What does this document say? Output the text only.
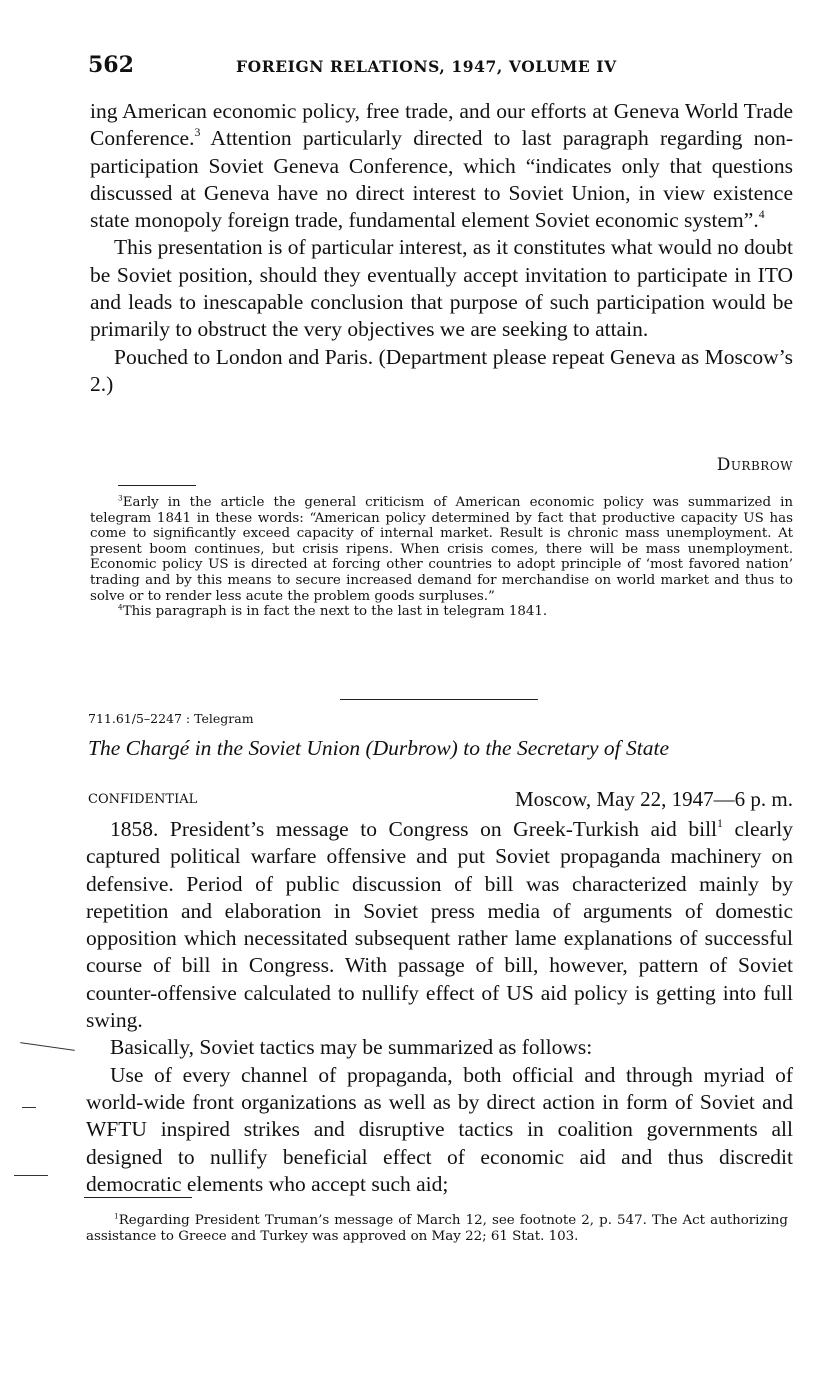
562	FOREIGN RELATIONS, 1947, VOLUME IV

ing American economic policy, free trade, and our efforts at Geneva World Trade Conference.$^3$ Attention particularly directed to last paragraph regarding non-participation Soviet Geneva Conference, which “indicates only that questions discussed at Geneva have no direct interest to Soviet Union, in view existence state monopoly foreign trade, fundamental element Soviet economic system”.$^4$

This presentation is of particular interest, as it constitutes what would no doubt be Soviet position, should they eventually accept invitation to participate in ITO and leads to inescapable conclusion that purpose of such participation would be primarily to obstruct the very objectives we are seeking to attain.

Pouched to London and Paris. (Department please repeat Geneva as Moscow’s 2.)

Durbrow

$^3$Early in the article the general criticism of American economic policy was summarized in telegram 1841 in these words: “American policy determined by fact that productive capacity US has come to significantly exceed capacity of internal market. Result is chronic mass unemployment. At present boom continues, but crisis ripens. When crisis comes, there will be mass unemployment. Economic policy US is directed at forcing other countries to adopt principle of ‘most favored nation’ trading and by this means to secure increased demand for merchandise on world market and thus to solve or to render less acute the problem goods surpluses.”

$^4$This paragraph is in fact the next to the last in telegram 1841.

711.61/5–2247 : Telegram
The Chargé in the Soviet Union (Durbrow) to the Secretary of State
CONFIDENTIAL	Moscow, May 22, 1947—6 p. m.

1858. President’s message to Congress on Greek-Turkish aid bill$^1$ clearly captured political warfare offensive and put Soviet propaganda machinery on defensive. Period of public discussion of bill was characterized mainly by repetition and elaboration in Soviet press media of arguments of domestic opposition which necessitated subsequent rather lame explanations of successful course of bill in Congress. With passage of bill, however, pattern of Soviet counter-offensive calculated to nullify effect of US aid policy is getting into full swing.

Basically, Soviet tactics may be summarized as follows:

Use of every channel of propaganda, both official and through myriad of world-wide front organizations as well as by direct action in form of Soviet and WFTU inspired strikes and disruptive tactics in coalition governments all designed to nullify beneficial effect of economic aid and thus discredit democratic elements who accept such aid;

$^1$Regarding President Truman’s message of March 12, see footnote 2, p. 547. The Act authorizing assistance to Greece and Turkey was approved on May 22; 61 Stat. 103.
